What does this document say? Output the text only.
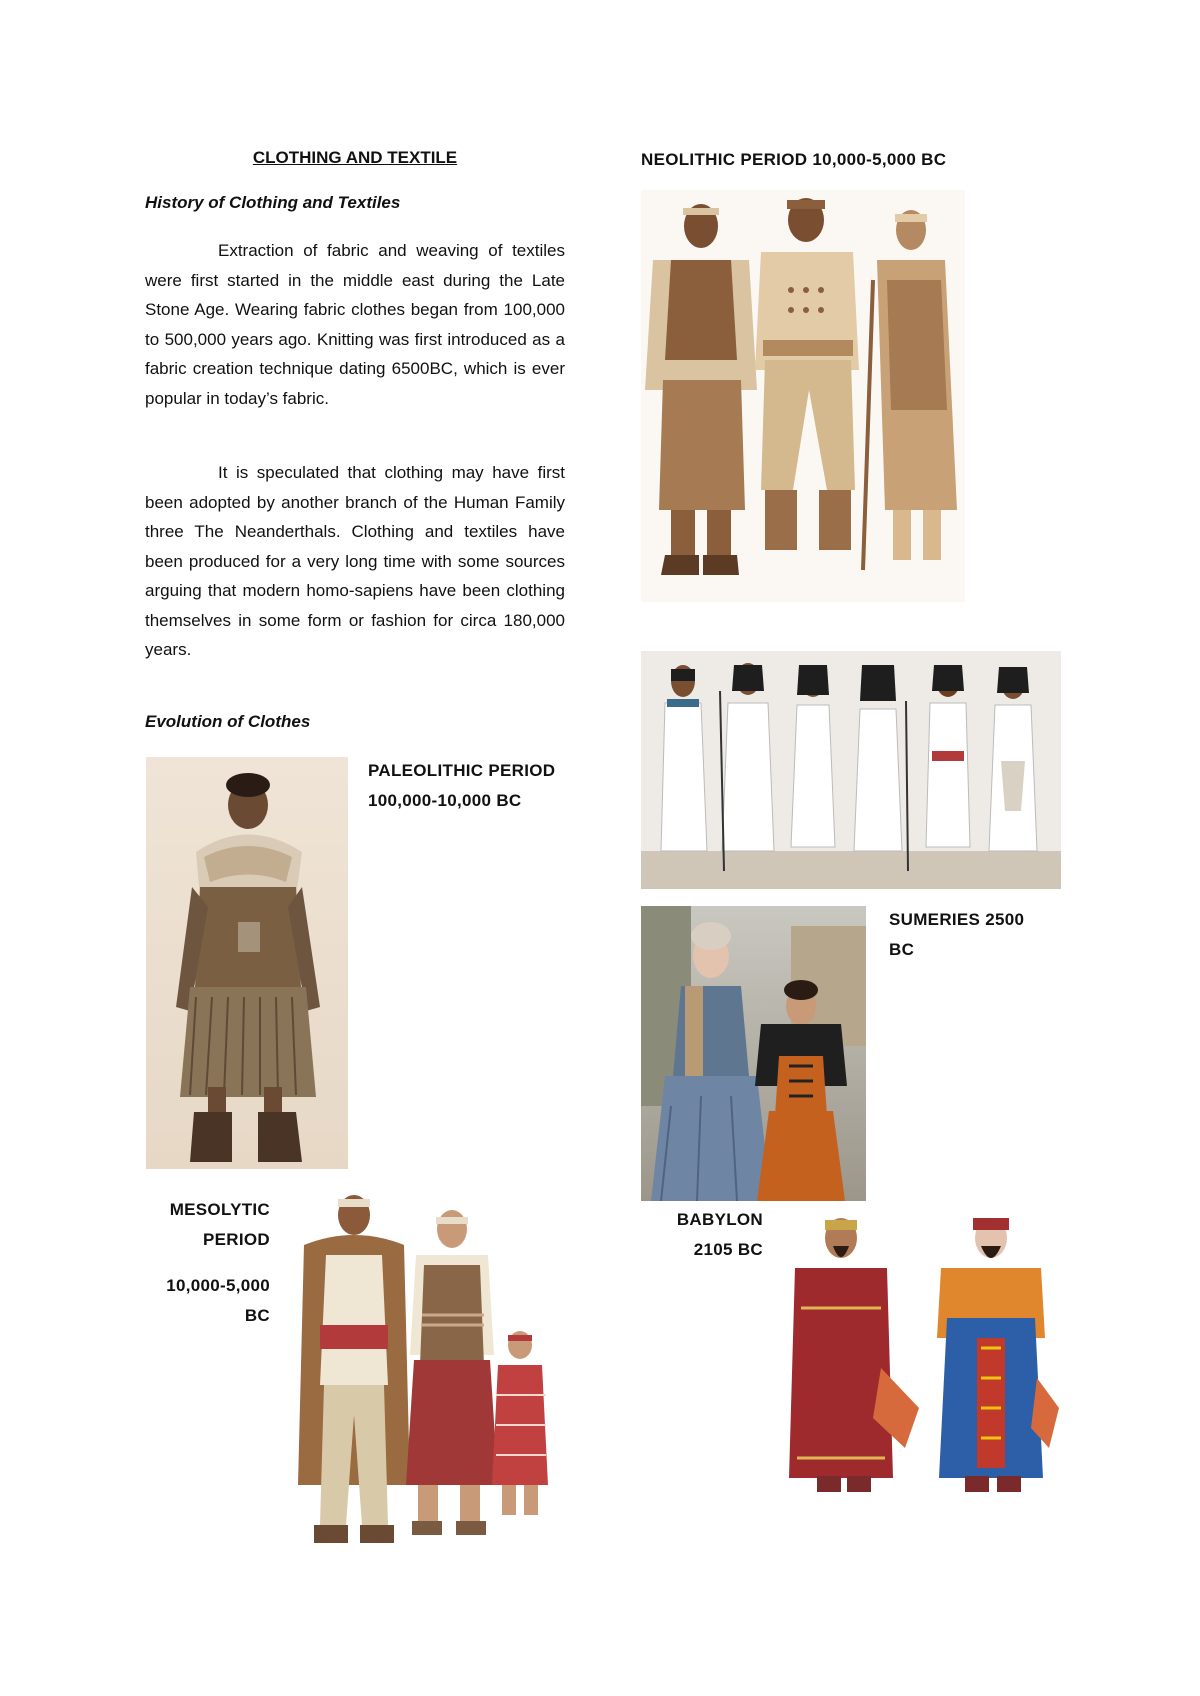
CLOTHING AND TEXTILE
History of Clothing and Textiles

Extraction of fabric and weaving of textiles were first started in the middle east during the Late Stone Age. Wearing fabric clothes began from 100,000 to 500,000 years ago. Knitting was first introduced as a fabric creation technique dating 6500BC, which is ever popular in today’s fabric.

It is speculated that clothing may have first been adopted by another branch of the Human Family three The Neanderthals. Clothing and textiles have been produced for a very long time with some sources arguing that modern homo-sapiens have been clothing themselves in some form or fashion for circa 180,000 years.

Evolution of Clothes
PALEOLITHIC PERIOD
100,000-10,000 BC
MESOLYTIC
PERIOD
10,000-5,000
BC
NEOLITHIC PERIOD 10,000-5,000 BC
SUMERIES 2500
BC
BABYLON
2105 BC
